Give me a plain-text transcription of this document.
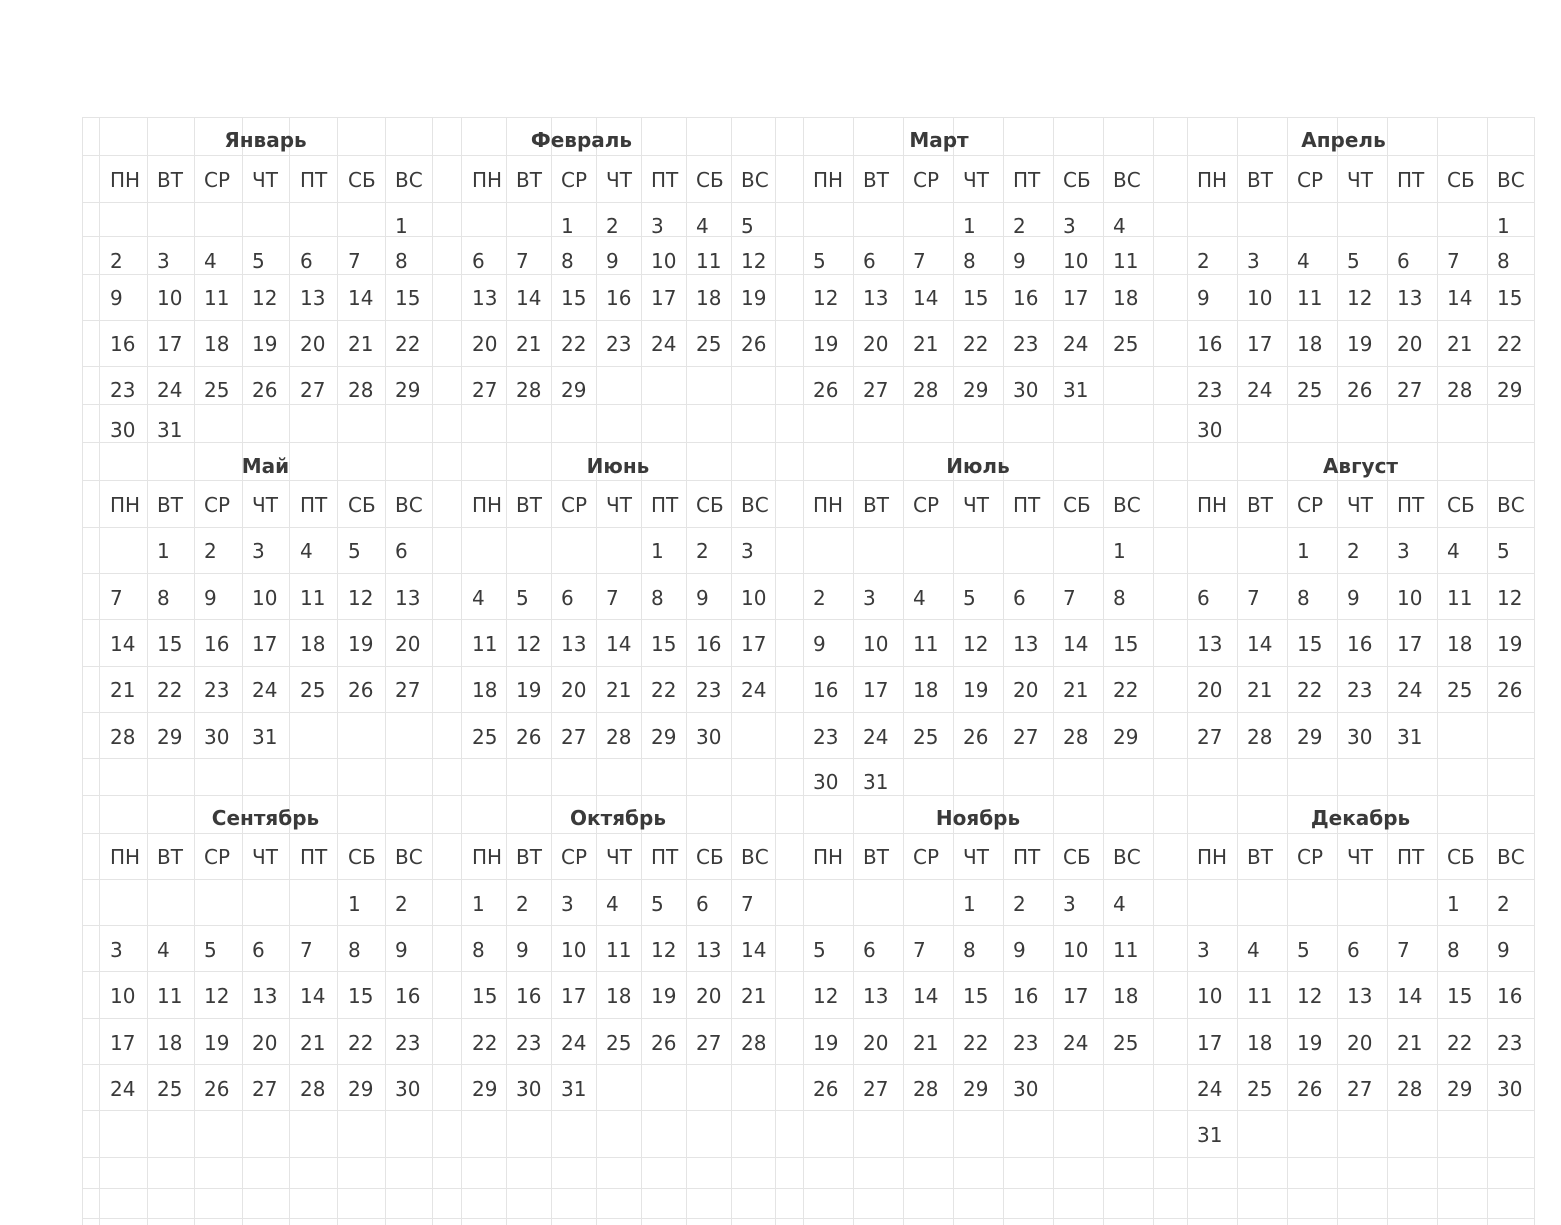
Январь
ПН ВТ СР ЧТ ПТ СБ ВС
1
2 3 4 5 6 7 8
9 10 11 12 13 14 15
16 17 18 19 20 21 22
23 24 25 26 27 28 29
30 31
Февраль
ПН ВТ СР ЧТ ПТ СБ ВС
1 2 3 4 5
6 7 8 9 10 11 12
13 14 15 16 17 18 19
20 21 22 23 24 25 26
27 28 29
Март
ПН ВТ СР ЧТ ПТ СБ ВС
1 2 3 4
5 6 7 8 9 10 11
12 13 14 15 16 17 18
19 20 21 22 23 24 25
26 27 28 29 30 31
Апрель
ПН ВТ СР ЧТ ПТ СБ ВС
1
2 3 4 5 6 7 8
9 10 11 12 13 14 15
16 17 18 19 20 21 22
23 24 25 26 27 28 29
30
Май
ПН ВТ СР ЧТ ПТ СБ ВС
1 2 3 4 5 6
7 8 9 10 11 12 13
14 15 16 17 18 19 20
21 22 23 24 25 26 27
28 29 30 31
Июнь
ПН ВТ СР ЧТ ПТ СБ ВС
1 2 3
4 5 6 7 8 9 10
11 12 13 14 15 16 17
18 19 20 21 22 23 24
25 26 27 28 29 30
Июль
ПН ВТ СР ЧТ ПТ СБ ВС
1
2 3 4 5 6 7 8
9 10 11 12 13 14 15
16 17 18 19 20 21 22
23 24 25 26 27 28 29
30 31
Август
ПН ВТ СР ЧТ ПТ СБ ВС
1 2 3 4 5
6 7 8 9 10 11 12
13 14 15 16 17 18 19
20 21 22 23 24 25 26
27 28 29 30 31
Сентябрь
ПН ВТ СР ЧТ ПТ СБ ВС
1 2
3 4 5 6 7 8 9
10 11 12 13 14 15 16
17 18 19 20 21 22 23
24 25 26 27 28 29 30
Октябрь
ПН ВТ СР ЧТ ПТ СБ ВС
1 2 3 4 5 6 7
8 9 10 11 12 13 14
15 16 17 18 19 20 21
22 23 24 25 26 27 28
29 30 31
Ноябрь
ПН ВТ СР ЧТ ПТ СБ ВС
1 2 3 4
5 6 7 8 9 10 11
12 13 14 15 16 17 18
19 20 21 22 23 24 25
26 27 28 29 30
Декабрь
ПН ВТ СР ЧТ ПТ СБ ВС
1 2
3 4 5 6 7 8 9
10 11 12 13 14 15 16
17 18 19 20 21 22 23
24 25 26 27 28 29 30
31
